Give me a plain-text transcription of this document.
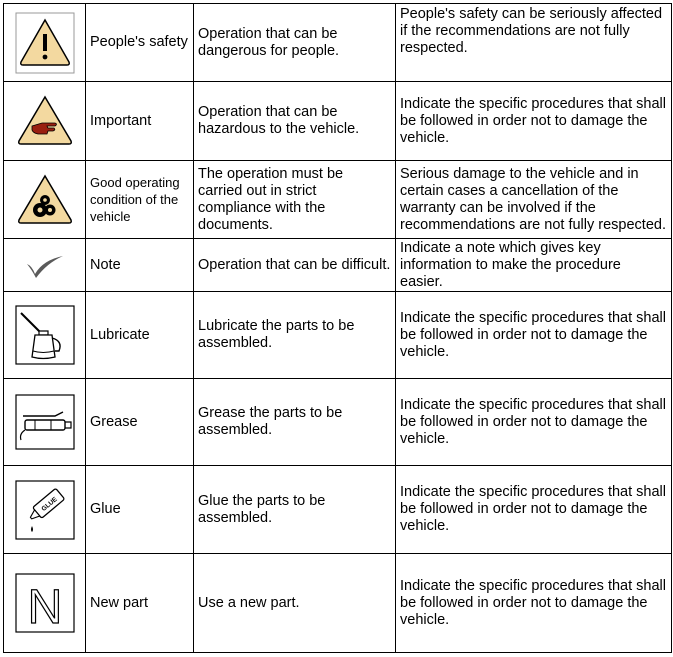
	People's safety	Operation that can be dangerous for people.	People's safety can be seriously affected if the recommendations are not fully respected.

	Important	Operation that can be hazardous to the vehicle.	Indicate the specific procedures that shall be followed in order not to damage the vehicle.

	Good operating condition of the vehicle	The operation must be carried out in strict compliance with the documents.	Serious damage to the vehicle and in certain cases a cancellation of the warranty can be involved if the recommendations are not fully respected.

	Note	Operation that can be difficult.	Indicate a note which gives key information to make the procedure easier.

	Lubricate	Lubricate the parts to be assembled.	Indicate the specific procedures that shall be followed in order not to damage the vehicle.

	Grease	Grease the parts to be assembled.	Indicate the specific procedures that shall be followed in order not to damage the vehicle.

GLUE	Glue	Glue the parts to be assembled.	Indicate the specific procedures that shall be followed in order not to damage the vehicle.

N	New part	Use a new part.	Indicate the specific procedures that shall be followed in order not to damage the vehicle.
